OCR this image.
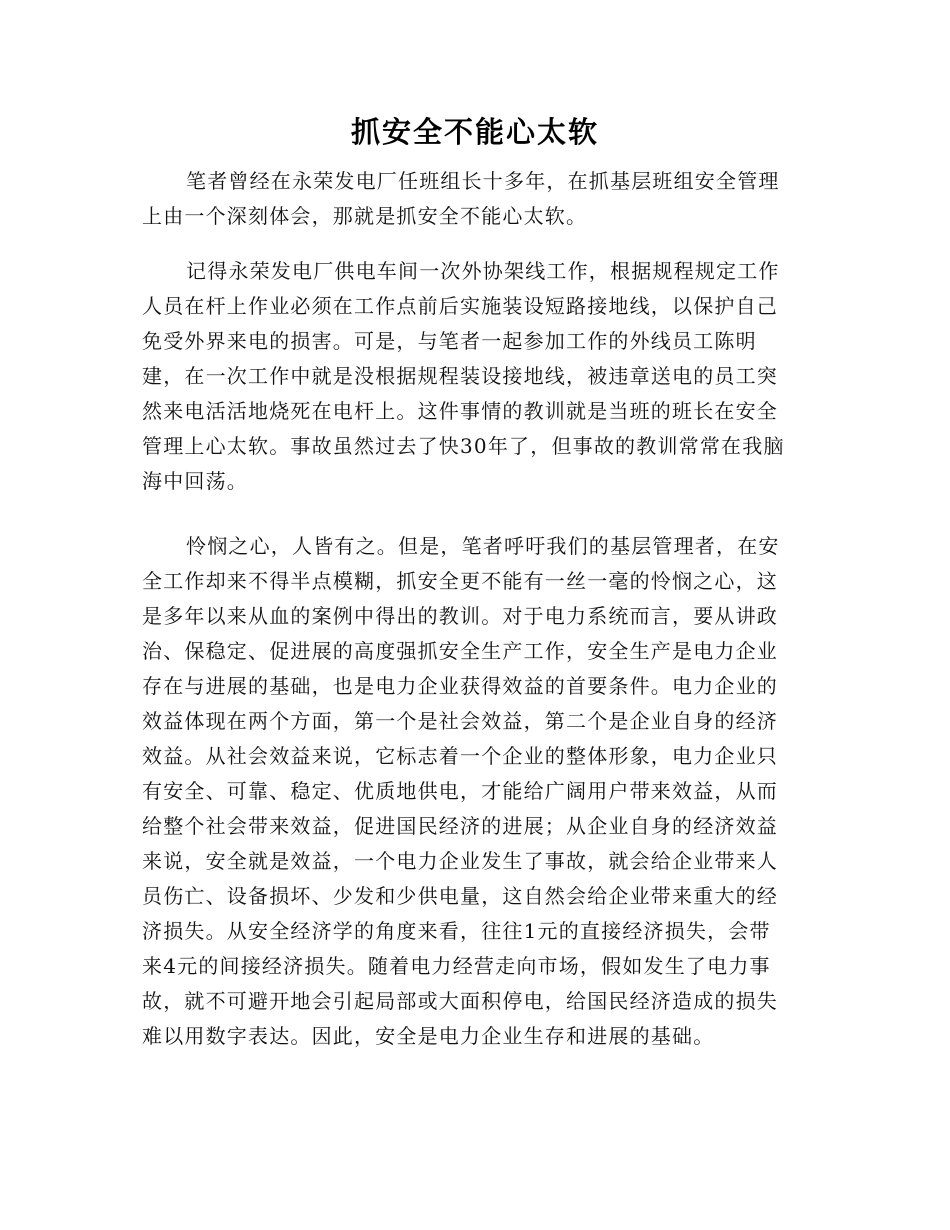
抓安全不能心太软
笔者曾经在永荣发电厂任班组长十多年，在抓基层班组安全管理
上由一个深刻体会，那就是抓安全不能心太软。
记得永荣发电厂供电车间一次外协架线工作，根据规程规定工作
人员在杆上作业必须在工作点前后实施装设短路接地线，以保护自己
免受外界来电的损害。可是，与笔者一起参加工作的外线员工陈明
建，在一次工作中就是没根据规程装设接地线，被违章送电的员工突
然来电活活地烧死在电杆上。这件事情的教训就是当班的班长在安全
管理上心太软。事故虽然过去了快30年了，但事故的教训常常在我脑
海中回荡。
怜悯之心，人皆有之。但是，笔者呼吁我们的基层管理者，在安
全工作却来不得半点模糊，抓安全更不能有一丝一毫的怜悯之心，这
是多年以来从血的案例中得出的教训。对于电力系统而言，要从讲政
治、保稳定、促进展的高度强抓安全生产工作，安全生产是电力企业
存在与进展的基础，也是电力企业获得效益的首要条件。电力企业的
效益体现在两个方面，第一个是社会效益，第二个是企业自身的经济
效益。从社会效益来说，它标志着一个企业的整体形象，电力企业只
有安全、可靠、稳定、优质地供电，才能给广阔用户带来效益，从而
给整个社会带来效益，促进国民经济的进展；从企业自身的经济效益
来说，安全就是效益，一个电力企业发生了事故，就会给企业带来人
员伤亡、设备损坏、少发和少供电量，这自然会给企业带来重大的经
济损失。从安全经济学的角度来看，往往1元的直接经济损失，会带
来4元的间接经济损失。随着电力经营走向市场，假如发生了电力事
故，就不可避开地会引起局部或大面积停电，给国民经济造成的损失
难以用数字表达。因此，安全是电力企业生存和进展的基础。
